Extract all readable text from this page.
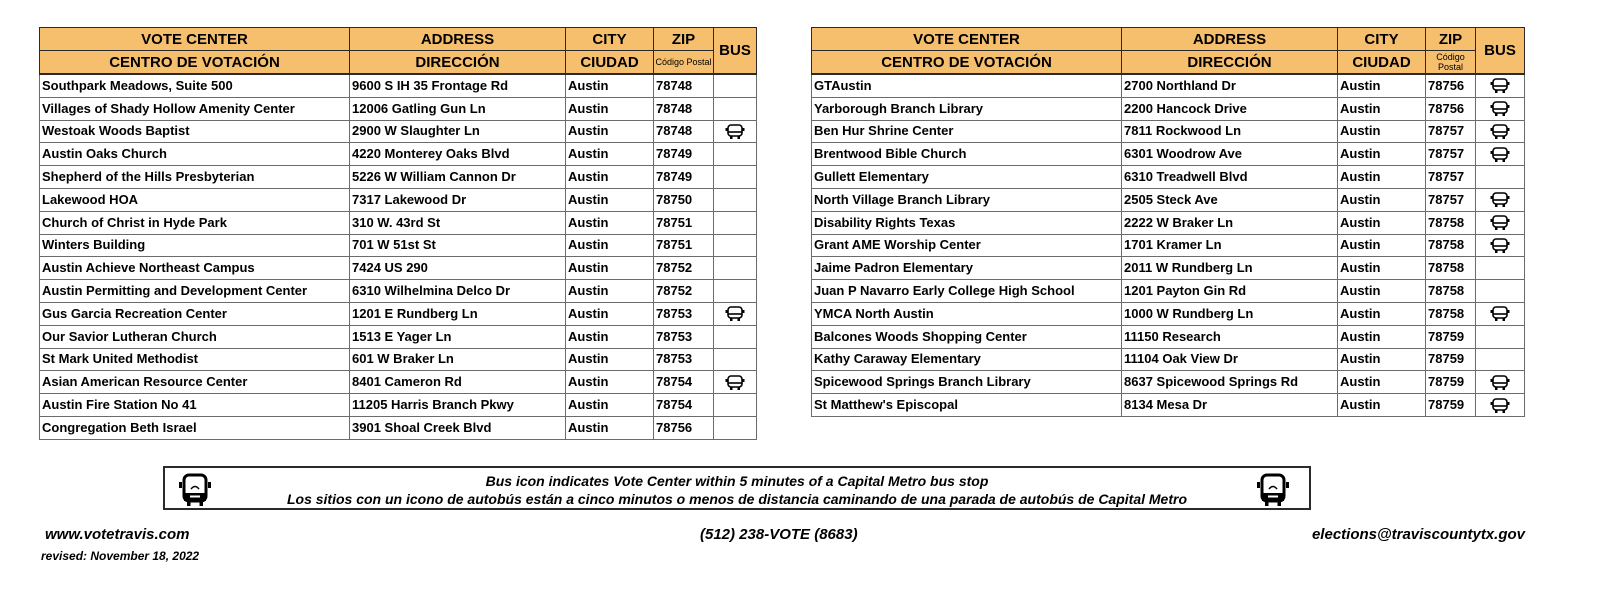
VOTE CENTER	ADDRESS	CITY	ZIP	BUS
CENTRO DE VOTACIÓN	DIRECCIÓN	CIUDAD	Código Postal	
Southpark Meadows, Suite 500	9600 S IH 35 Frontage Rd	Austin	78748	
Villages of Shady Hollow Amenity Center	12006 Gatling Gun Ln	Austin	78748	
Westoak Woods Baptist	2900 W Slaughter Ln	Austin	78748	
Austin Oaks Church	4220 Monterey Oaks Blvd	Austin	78749	
Shepherd of the Hills Presbyterian	5226 W William Cannon Dr	Austin	78749	
Lakewood HOA	7317 Lakewood Dr	Austin	78750	
Church of Christ in Hyde Park	310 W. 43rd St	Austin	78751	
Winters Building	701 W 51st St	Austin	78751	
Austin Achieve Northeast Campus	7424 US 290	Austin	78752	
Austin Permitting and Development Center	6310 Wilhelmina Delco Dr	Austin	78752	
Gus Garcia Recreation Center	1201 E Rundberg Ln	Austin	78753	
Our Savior Lutheran Church	1513 E Yager Ln	Austin	78753	
St Mark United Methodist	601 W Braker Ln	Austin	78753	
Asian American Resource Center	8401 Cameron Rd	Austin	78754	
Austin Fire Station No 41	11205 Harris Branch Pkwy	Austin	78754	
Congregation Beth Israel	3901 Shoal Creek Blvd	Austin	78756	
VOTE CENTER	ADDRESS	CITY	ZIP	BUS
CENTRO DE VOTACIÓN	DIRECCIÓN	CIUDAD	Código Postal	
GTAustin	2700 Northland Dr	Austin	78756	
Yarborough Branch Library	2200 Hancock Drive	Austin	78756	
Ben Hur Shrine Center	7811 Rockwood Ln	Austin	78757	
Brentwood Bible Church	6301 Woodrow Ave	Austin	78757	
Gullett Elementary	6310 Treadwell Blvd	Austin	78757	
North Village Branch Library	2505 Steck Ave	Austin	78757	
Disability Rights Texas	2222 W Braker Ln	Austin	78758	
Grant AME Worship Center	1701 Kramer Ln	Austin	78758	
Jaime Padron Elementary	2011 W Rundberg Ln	Austin	78758	
Juan P Navarro Early College High School	1201 Payton Gin Rd	Austin	78758	
YMCA North Austin	1000 W Rundberg Ln	Austin	78758	
Balcones Woods Shopping Center	11150 Research	Austin	78759	
Kathy Caraway Elementary	11104 Oak View Dr	Austin	78759	
Spicewood Springs Branch Library	8637 Spicewood Springs Rd	Austin	78759	
St Matthew's Episcopal	8134 Mesa Dr	Austin	78759	
Bus icon indicates Vote Center within 5 minutes of a Capital Metro bus stop
Los sitios con un icono de autobús están a cinco minutos o menos de distancia caminando de una parada de autobús de Capital Metro
www.votetravis.com	(512) 238-VOTE (8683)	elections@traviscountytx.gov
revised: November 18, 2022
